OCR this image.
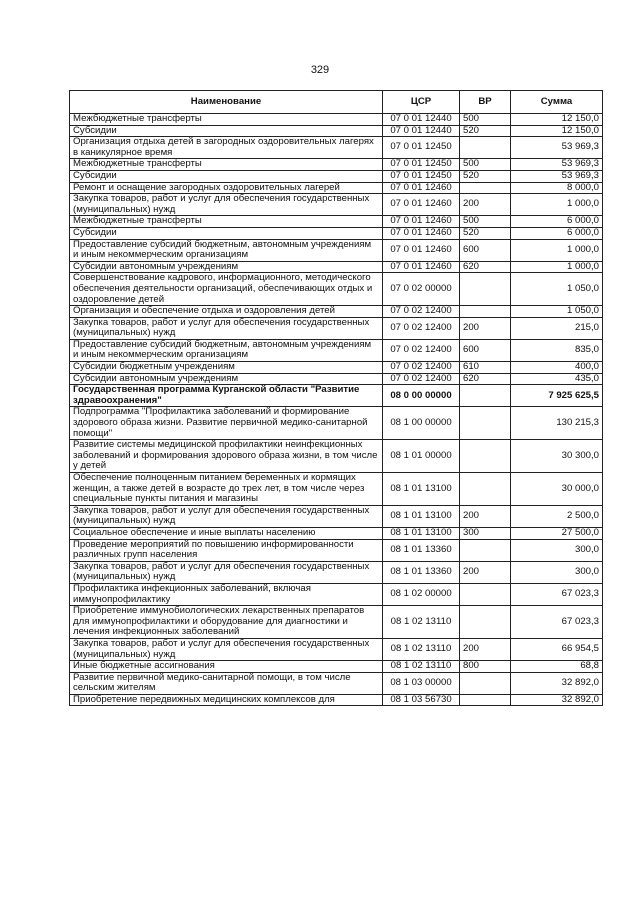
329
Наименование	ЦСР	ВР	Сумма
Межбюджетные трансферты	07 0 01 12440	500	12 150,0
Субсидии	07 0 01 12440	520	12 150,0
Организация отдыха детей в загородных оздоровительных лагерях в каникулярное время	07 0 01 12450		53 969,3
Межбюджетные трансферты	07 0 01 12450	500	53 969,3
Субсидии	07 0 01 12450	520	53 969,3
Ремонт и оснащение загородных оздоровительных лагерей	07 0 01 12460		8 000,0
Закупка товаров, работ и услуг для обеспечения государственных (муниципальных) нужд	07 0 01 12460	200	1 000,0
Межбюджетные трансферты	07 0 01 12460	500	6 000,0
Субсидии	07 0 01 12460	520	6 000,0
Предоставление субсидий бюджетным, автономным учреждениям и иным некоммерческим организациям	07 0 01 12460	600	1 000,0
Субсидии автономным учреждениям	07 0 01 12460	620	1 000,0
Совершенствование кадрового, информационного, методического обеспечения деятельности организаций, обеспечивающих отдых и оздоровление детей	07 0 02 00000		1 050,0
Организация и обеспечение отдыха и оздоровления детей	07 0 02 12400		1 050,0
Закупка товаров, работ и услуг для обеспечения государственных (муниципальных) нужд	07 0 02 12400	200	215,0
Предоставление субсидий бюджетным, автономным учреждениям и иным некоммерческим организациям	07 0 02 12400	600	835,0
Субсидии бюджетным учреждениям	07 0 02 12400	610	400,0
Субсидии автономным учреждениям	07 0 02 12400	620	435,0
Государственная программа Курганской области "Развитие здравоохранения"	08 0 00 00000		7 925 625,5
Подпрограмма "Профилактика заболеваний и формирование здорового образа жизни. Развитие первичной медико-санитарной помощи"	08 1 00 00000		130 215,3
Развитие системы медицинской профилактики неинфекционных заболеваний и формирования здорового образа жизни, в том числе у детей	08 1 01 00000		30 300,0
Обеспечение полноценным питанием беременных и кормящих женщин, а также детей в возрасте до трех лет, в том числе через специальные пункты питания и магазины	08 1 01 13100		30 000,0
Закупка товаров, работ и услуг для обеспечения государственных (муниципальных) нужд	08 1 01 13100	200	2 500,0
Социальное обеспечение и иные выплаты населению	08 1 01 13100	300	27 500,0
Проведение мероприятий по повышению информированности различных групп населения	08 1 01 13360		300,0
Закупка товаров, работ и услуг для обеспечения государственных (муниципальных) нужд	08 1 01 13360	200	300,0
Профилактика инфекционных заболеваний, включая иммунопрофилактику	08 1 02 00000		67 023,3
Приобретение иммунобиологических лекарственных препаратов для иммунопрофилактики и оборудование для диагностики и лечения инфекционных заболеваний	08 1 02 13110		67 023,3
Закупка товаров, работ и услуг для обеспечения государственных (муниципальных) нужд	08 1 02 13110	200	66 954,5
Иные бюджетные ассигнования	08 1 02 13110	800	68,8
Развитие первичной медико-санитарной помощи, в том числе сельским жителям	08 1 03 00000		32 892,0
Приобретение передвижных медицинских комплексов для	08 1 03 56730		32 892,0
